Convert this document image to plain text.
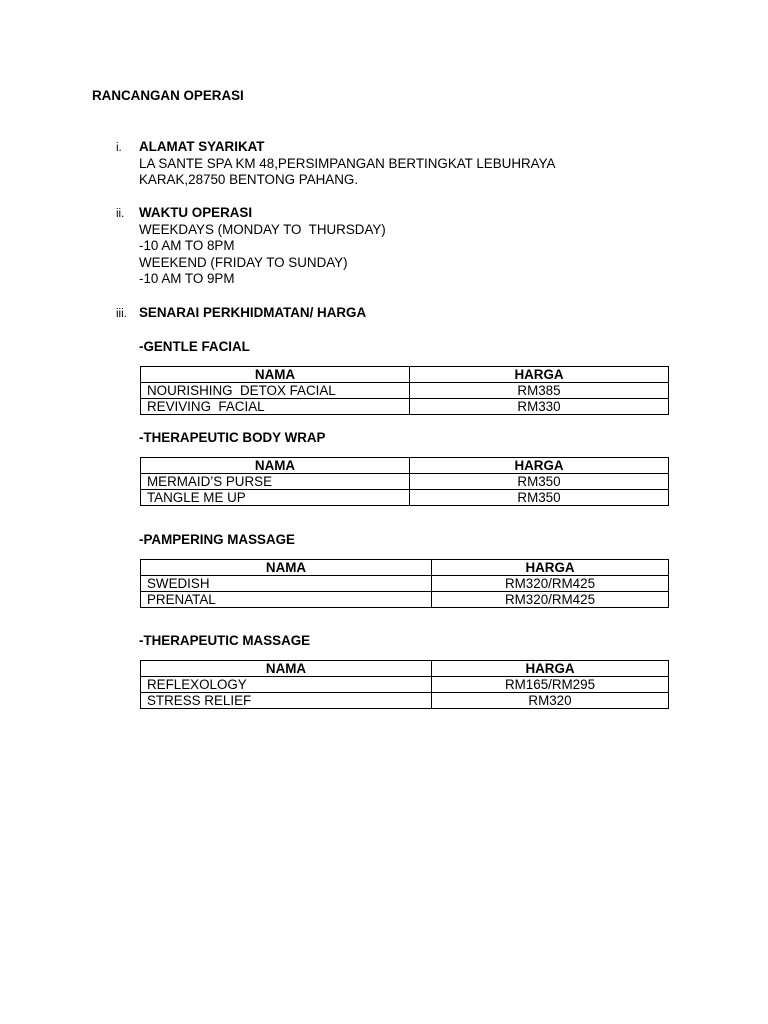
RANCANGAN OPERASI
i.	ALAMAT SYARIKAT
LA SANTE SPA KM 48,PERSIMPANGAN BERTINGKAT LEBUHRAYA
KARAK,28750 BENTONG PAHANG.
ii.	WAKTU OPERASI
WEEKDAYS (MONDAY TO  THURSDAY)
-10 AM TO 8PM
WEEKEND (FRIDAY TO SUNDAY)
-10 AM TO 9PM
iii. SENARAI PERKHIDMATAN/ HARGA
-GENTLE FACIAL
NAMA	HARGA
NOURISHING  DETOX FACIAL	RM385
REVIVING  FACIAL	RM330
-THERAPEUTIC BODY WRAP
NAMA	HARGA
MERMAID’S PURSE	RM350
TANGLE ME UP	RM350
-PAMPERING MASSAGE
NAMA	HARGA
SWEDISH	RM320/RM425
PRENATAL	RM320/RM425
-THERAPEUTIC MASSAGE
NAMA	HARGA
REFLEXOLOGY	RM165/RM295
STRESS RELIEF	RM320
